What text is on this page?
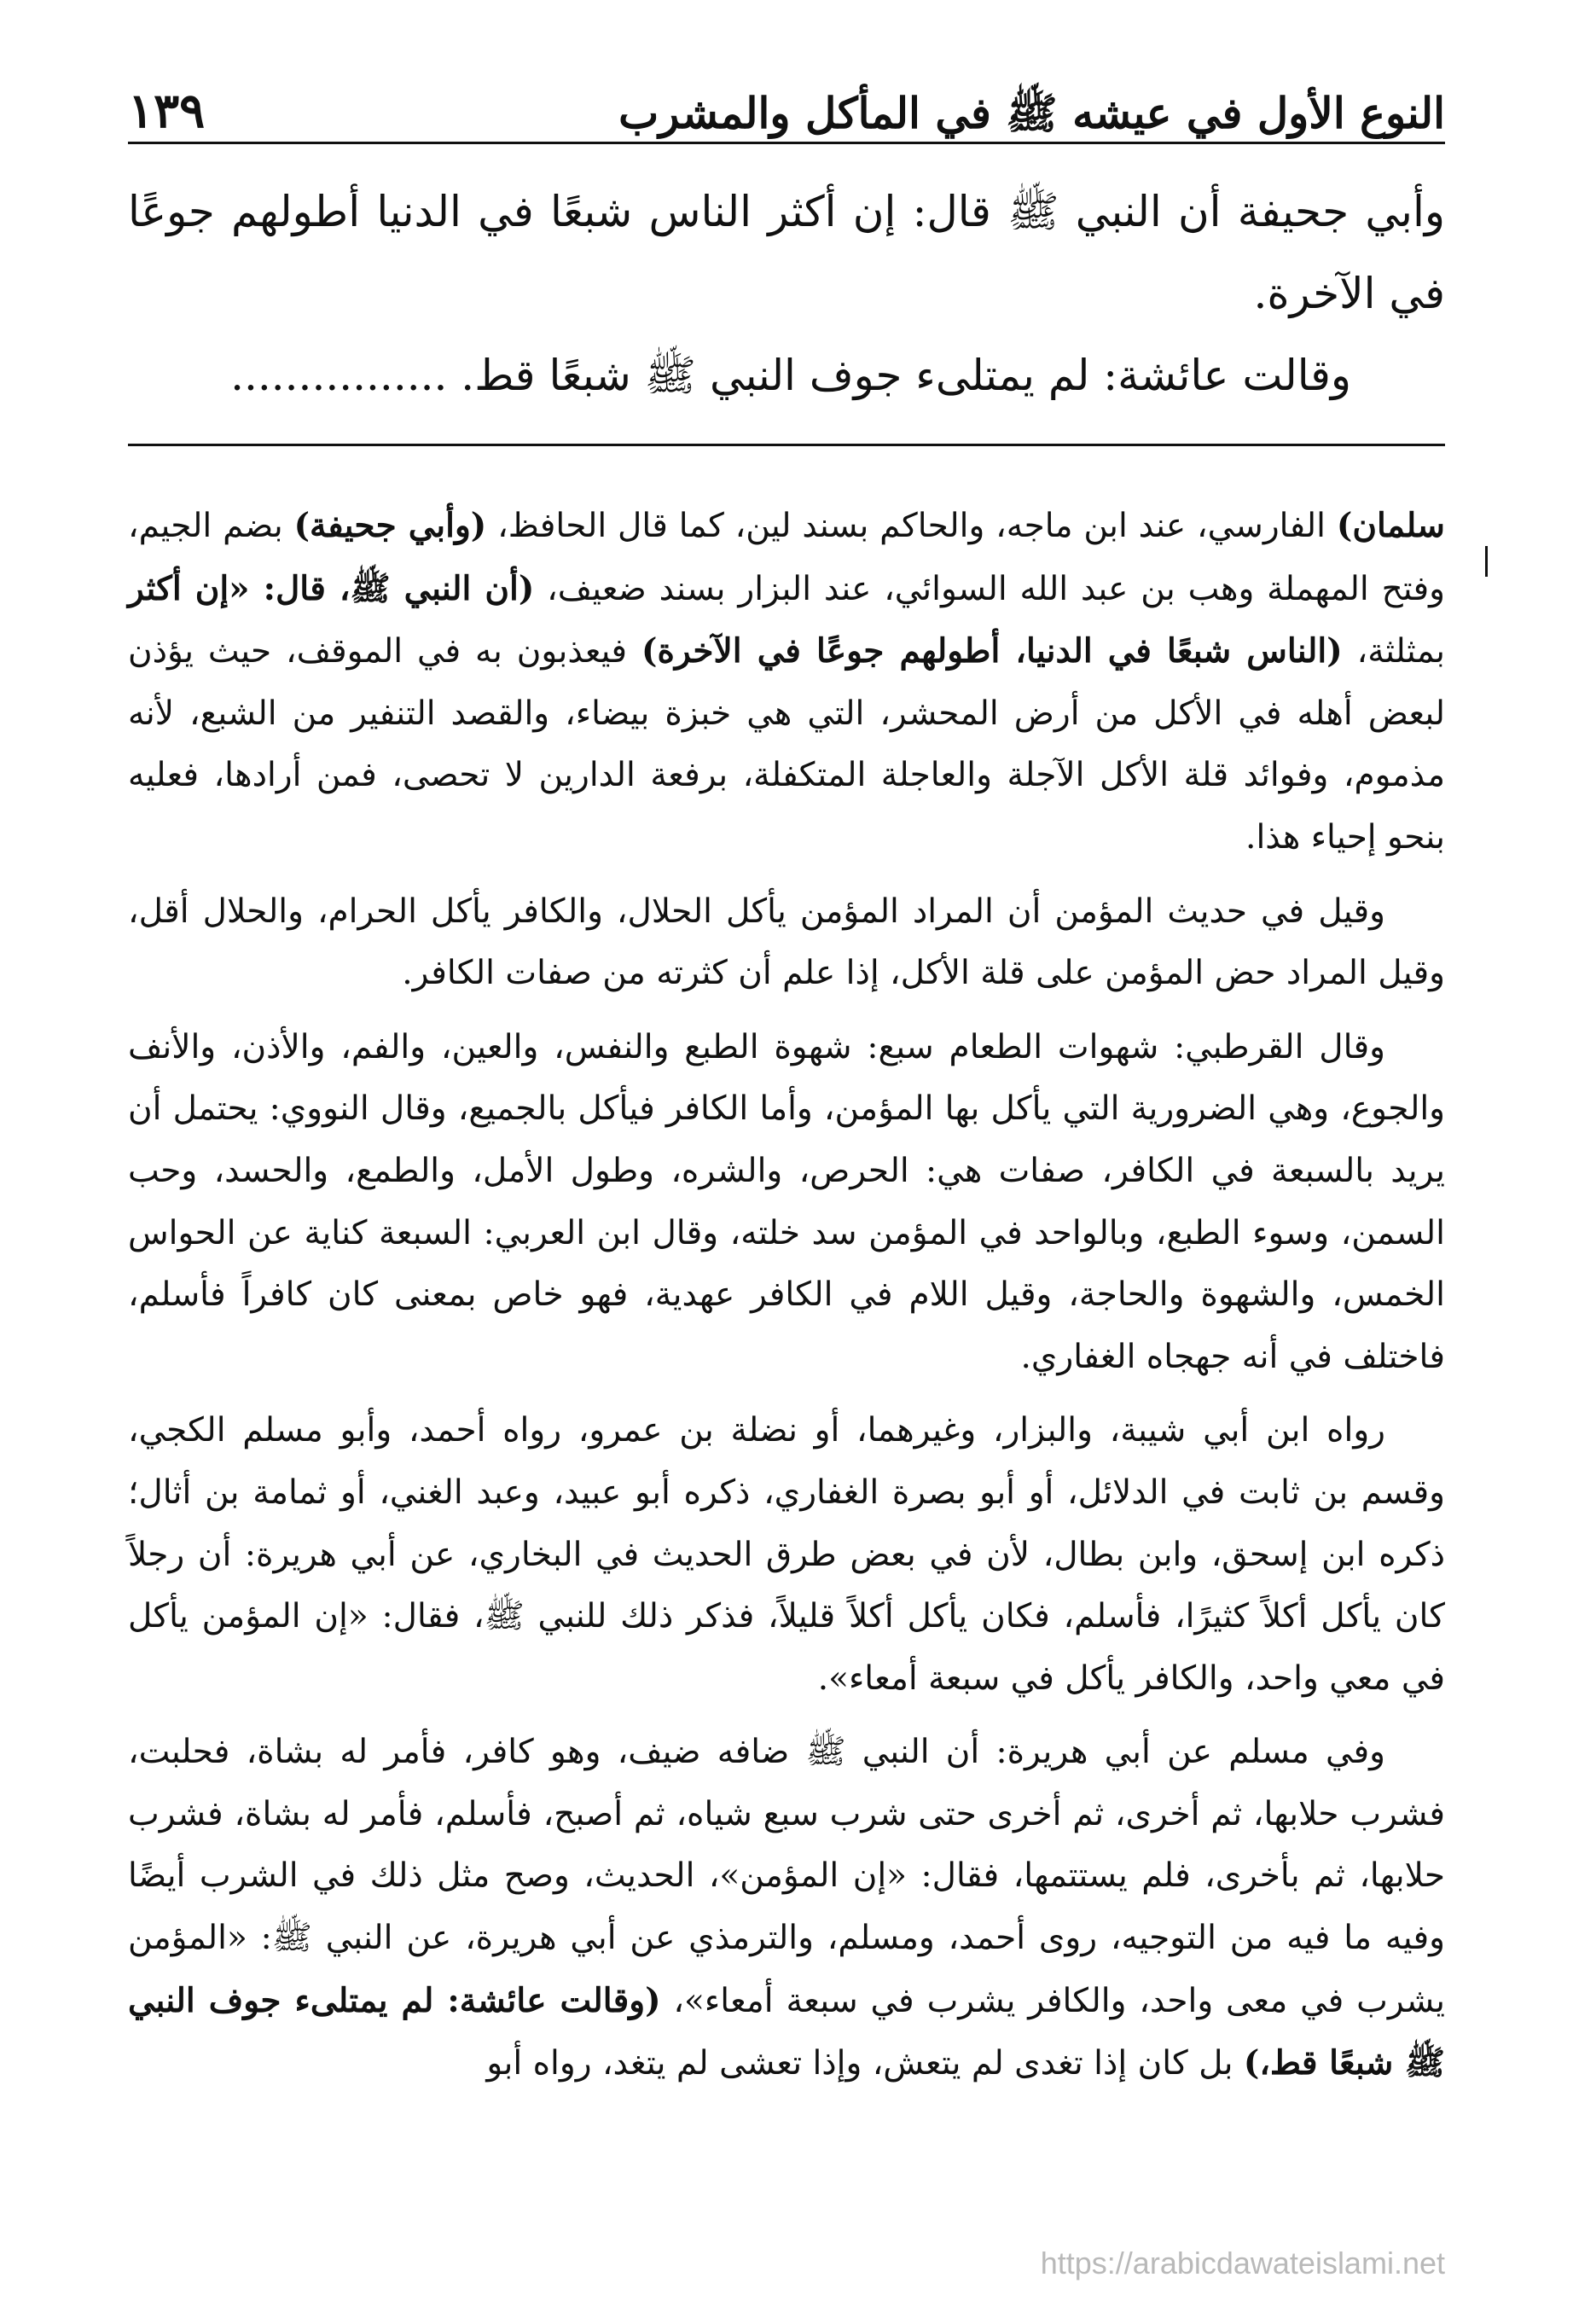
النوع الأول في عيشه ﷺ في المأكل والمشرب
١٣٩

وأبي جحيفة أن النبي ﷺ قال: إن أكثر الناس شبعًا في الدنيا أطولهم جوعًا في الآخرة.

وقالت عائشة: لم يمتلىء جوف النبي ﷺ شبعًا قط. ................

سلمان) الفارسي، عند ابن ماجه، والحاكم بسند لين، كما قال الحافظ، (وأبي جحيفة) بضم الجيم، وفتح المهملة وهب بن عبد الله السوائي، عند البزار بسند ضعيف، (أن النبي ﷺ، قال: «إن أكثر بمثلثة، (الناس شبعًا في الدنيا، أطولهم جوعًا في الآخرة) فيعذبون به في الموقف، حيث يؤذن لبعض أهله في الأكل من أرض المحشر، التي هي خبزة بيضاء، والقصد التنفير من الشبع، لأنه مذموم، وفوائد قلة الأكل الآجلة والعاجلة المتكفلة، برفعة الدارين لا تحصى، فمن أرادها، فعليه بنحو إحياء هذا.

وقيل في حديث المؤمن أن المراد المؤمن يأكل الحلال، والكافر يأكل الحرام، والحلال أقل، وقيل المراد حض المؤمن على قلة الأكل، إذا علم أن كثرته من صفات الكافر.

وقال القرطبي: شهوات الطعام سبع: شهوة الطبع والنفس، والعين، والفم، والأذن، والأنف والجوع، وهي الضرورية التي يأكل بها المؤمن، وأما الكافر فيأكل بالجميع، وقال النووي: يحتمل أن يريد بالسبعة في الكافر، صفات هي: الحرص، والشره، وطول الأمل، والطمع، والحسد، وحب السمن، وسوء الطبع، وبالواحد في المؤمن سد خلته، وقال ابن العربي: السبعة كناية عن الحواس الخمس، والشهوة والحاجة، وقيل اللام في الكافر عهدية، فهو خاص بمعنى كان كافراً فأسلم، فاختلف في أنه جهجاه الغفاري.

رواه ابن أبي شيبة، والبزار، وغيرهما، أو نضلة بن عمرو، رواه أحمد، وأبو مسلم الكجي، وقسم بن ثابت في الدلائل، أو أبو بصرة الغفاري، ذكره أبو عبيد، وعبد الغني، أو ثمامة بن أثال؛ ذكره ابن إسحق، وابن بطال، لأن في بعض طرق الحديث في البخاري، عن أبي هريرة: أن رجلاً كان يأكل أكلاً كثيرًا، فأسلم، فكان يأكل أكلاً قليلاً، فذكر ذلك للنبي ﷺ، فقال: «إن المؤمن يأكل في معي واحد، والكافر يأكل في سبعة أمعاء».

وفي مسلم عن أبي هريرة: أن النبي ﷺ ضافه ضيف، وهو كافر، فأمر له بشاة، فحلبت، فشرب حلابها، ثم أخرى، ثم أخرى حتى شرب سبع شياه، ثم أصبح، فأسلم، فأمر له بشاة، فشرب حلابها، ثم بأخرى، فلم يستتمها، فقال: «إن المؤمن»، الحديث، وصح مثل ذلك في الشرب أيضًا وفيه ما فيه من التوجيه، روى أحمد، ومسلم، والترمذي عن أبي هريرة، عن النبي ﷺ: «المؤمن يشرب في معى واحد، والكافر يشرب في سبعة أمعاء»، (وقالت عائشة: لم يمتلىء جوف النبي ﷺ شبعًا قط،) بل كان إذا تغدى لم يتعش، وإذا تعشى لم يتغد، رواه أبو

https://arabicdawateislami.net
